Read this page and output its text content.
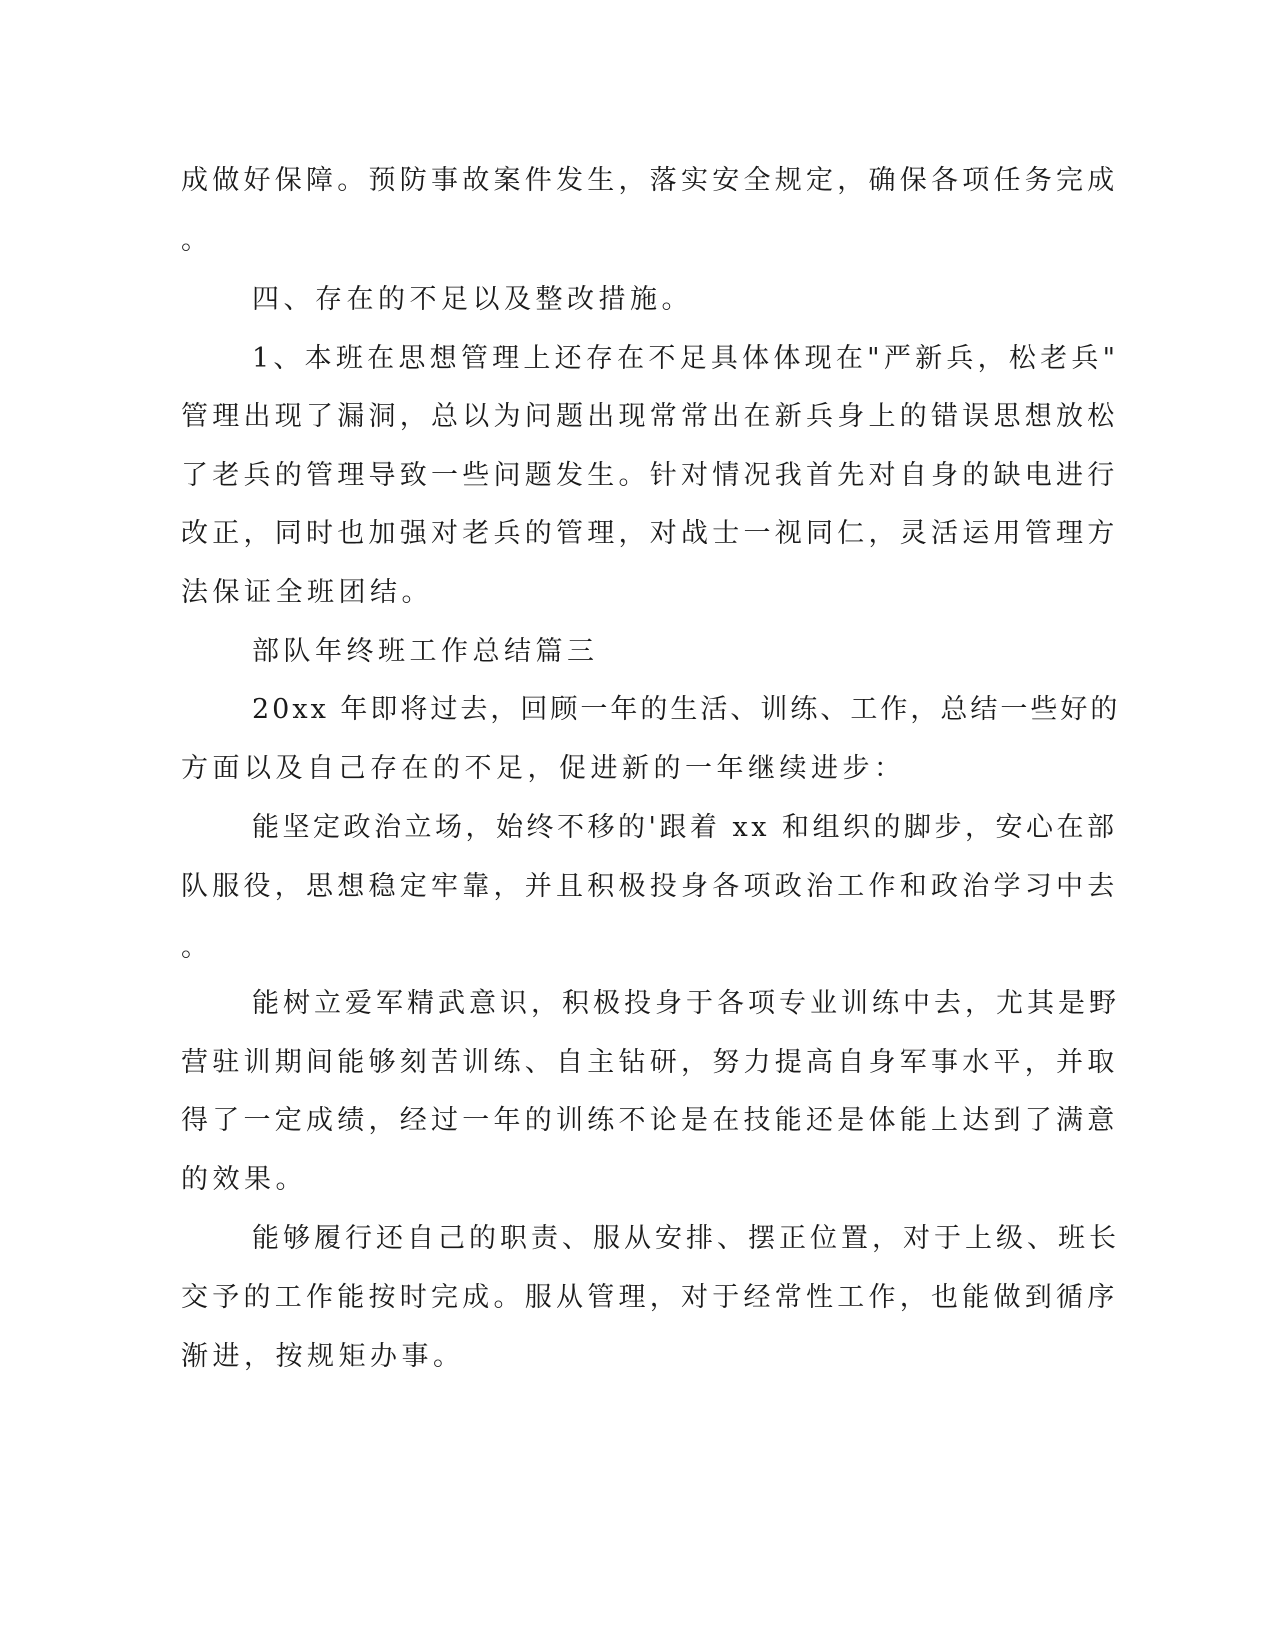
成做好保障。预防事故案件发生，落实安全规定，确保各项任务完成
。
四、存在的不足以及整改措施。
1、本班在思想管理上还存在不足具体体现在"严新兵，松老兵"
管理出现了漏洞，总以为问题出现常常出在新兵身上的错误思想放松
了老兵的管理导致一些问题发生。针对情况我首先对自身的缺电进行
改正，同时也加强对老兵的管理，对战士一视同仁，灵活运用管理方
法保证全班团结。
部队年终班工作总结篇三
20xx 年即将过去，回顾一年的生活、训练、工作，总结一些好的
方面以及自己存在的不足，促进新的一年继续进步：
能坚定政治立场，始终不移的'跟着 xx 和组织的脚步，安心在部
队服役，思想稳定牢靠，并且积极投身各项政治工作和政治学习中去
。
能树立爱军精武意识，积极投身于各项专业训练中去，尤其是野
营驻训期间能够刻苦训练、自主钻研，努力提高自身军事水平，并取
得了一定成绩，经过一年的训练不论是在技能还是体能上达到了满意
的效果。
能够履行还自己的职责、服从安排、摆正位置，对于上级、班长
交予的工作能按时完成。服从管理，对于经常性工作，也能做到循序
渐进，按规矩办事。
